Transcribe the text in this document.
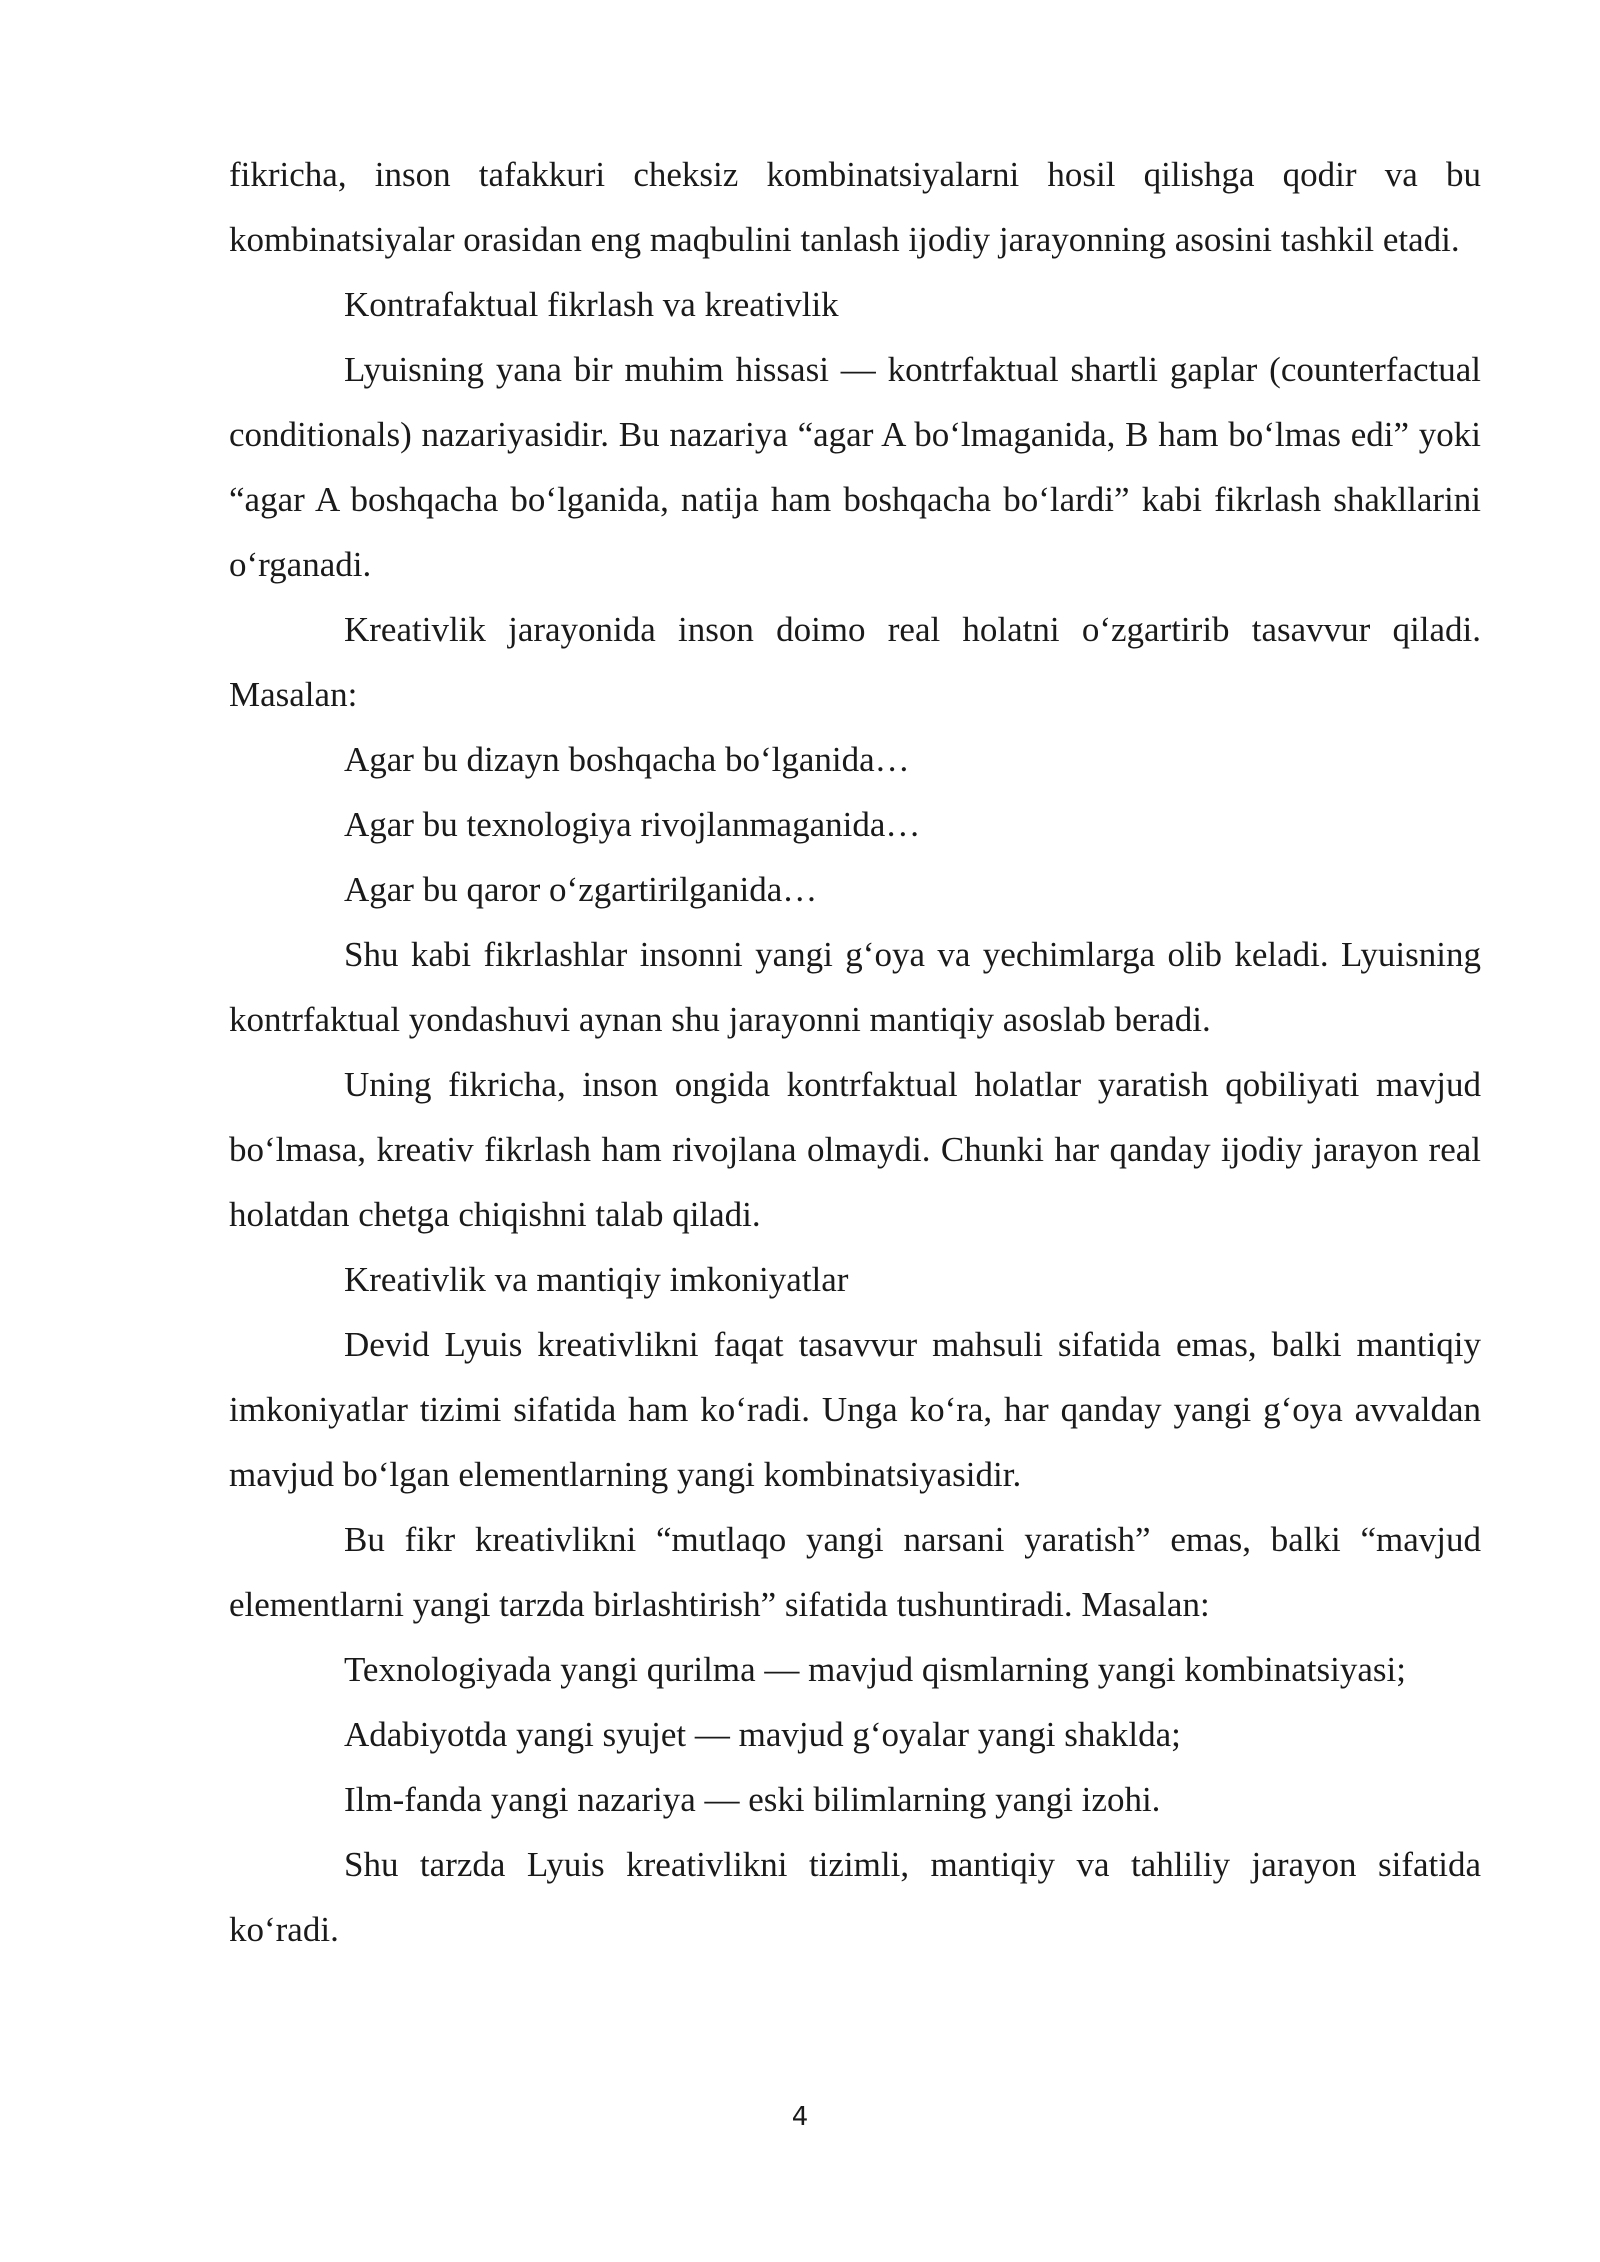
fikricha, inson tafakkuri cheksiz kombinatsiyalarni hosil qilishga qodir va bu kombinatsiyalar orasidan eng maqbulini tanlash ijodiy jarayonning asosini tashkil etadi.

Kontrafaktual fikrlash va kreativlik

Lyuisning yana bir muhim hissasi — kontrfaktual shartli gaplar (counterfactual conditionals) nazariyasidir. Bu nazariya “agar A boʻlmaganida, B ham boʻlmas edi” yoki “agar A boshqacha boʻlganida, natija ham boshqacha boʻlardi” kabi fikrlash shakllarini oʻrganadi.

Kreativlik jarayonida inson doimo real holatni oʻzgartirib tasavvur qiladi. Masalan:

Agar bu dizayn boshqacha boʻlganida…

Agar bu texnologiya rivojlanmaganida…

Agar bu qaror oʻzgartirilganida…

Shu kabi fikrlashlar insonni yangi gʻoya va yechimlarga olib keladi. Lyuisning kontrfaktual yondashuvi aynan shu jarayonni mantiqiy asoslab beradi.

Uning fikricha, inson ongida kontrfaktual holatlar yaratish qobiliyati mavjud boʻlmasa, kreativ fikrlash ham rivojlana olmaydi. Chunki har qanday ijodiy jarayon real holatdan chetga chiqishni talab qiladi.

Kreativlik va mantiqiy imkoniyatlar

Devid Lyuis kreativlikni faqat tasavvur mahsuli sifatida emas, balki mantiqiy imkoniyatlar tizimi sifatida ham koʻradi. Unga koʻra, har qanday yangi gʻoya avvaldan mavjud boʻlgan elementlarning yangi kombinatsiyasidir.

Bu fikr kreativlikni “mutlaqo yangi narsani yaratish” emas, balki “mavjud elementlarni yangi tarzda birlashtirish” sifatida tushuntiradi. Masalan:

Texnologiyada yangi qurilma — mavjud qismlarning yangi kombinatsiyasi;

Adabiyotda yangi syujet — mavjud gʻoyalar yangi shaklda;

Ilm-fanda yangi nazariya — eski bilimlarning yangi izohi.

Shu tarzda Lyuis kreativlikni tizimli, mantiqiy va tahliliy jarayon sifatida koʻradi.

4
